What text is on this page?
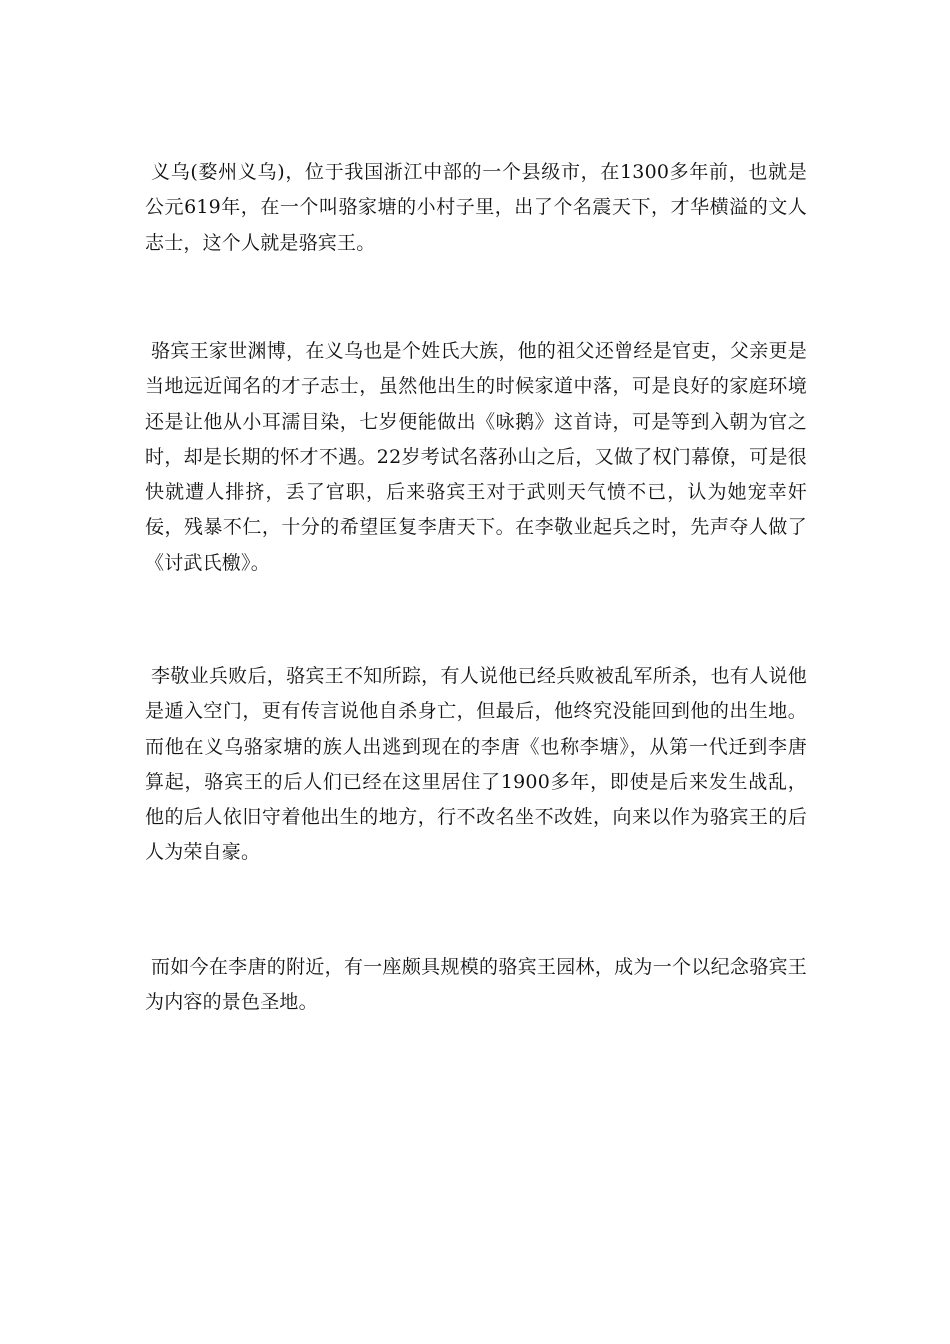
义乌(婺州义乌)，位于我国浙江中部的一个县级市，在1300多年前，也就是公元619年，在一个叫骆家塘的小村子里，出了个名震天下，才华横溢的文人志士，这个人就是骆宾王。

骆宾王家世渊博，在义乌也是个姓氏大族，他的祖父还曾经是官吏，父亲更是当地远近闻名的才子志士，虽然他出生的时候家道中落，可是良好的家庭环境还是让他从小耳濡目染，七岁便能做出《咏鹅》这首诗，可是等到入朝为官之时，却是长期的怀才不遇。22岁考试名落孙山之后，又做了权门幕僚，可是很快就遭人排挤，丢了官职，后来骆宾王对于武则天气愤不已，认为她宠幸奸佞，残暴不仁，十分的希望匡复李唐天下。在李敬业起兵之时，先声夺人做了《讨武氏檄》。

李敬业兵败后，骆宾王不知所踪，有人说他已经兵败被乱军所杀，也有人说他是遁入空门，更有传言说他自杀身亡，但最后，他终究没能回到他的出生地。而他在义乌骆家塘的族人出逃到现在的李唐《也称李塘》，从第一代迁到李唐算起，骆宾王的后人们已经在这里居住了1900多年，即使是后来发生战乱，他的后人依旧守着他出生的地方，行不改名坐不改姓，向来以作为骆宾王的后人为荣自豪。

而如今在李唐的附近，有一座颇具规模的骆宾王园林，成为一个以纪念骆宾王为内容的景色圣地。
